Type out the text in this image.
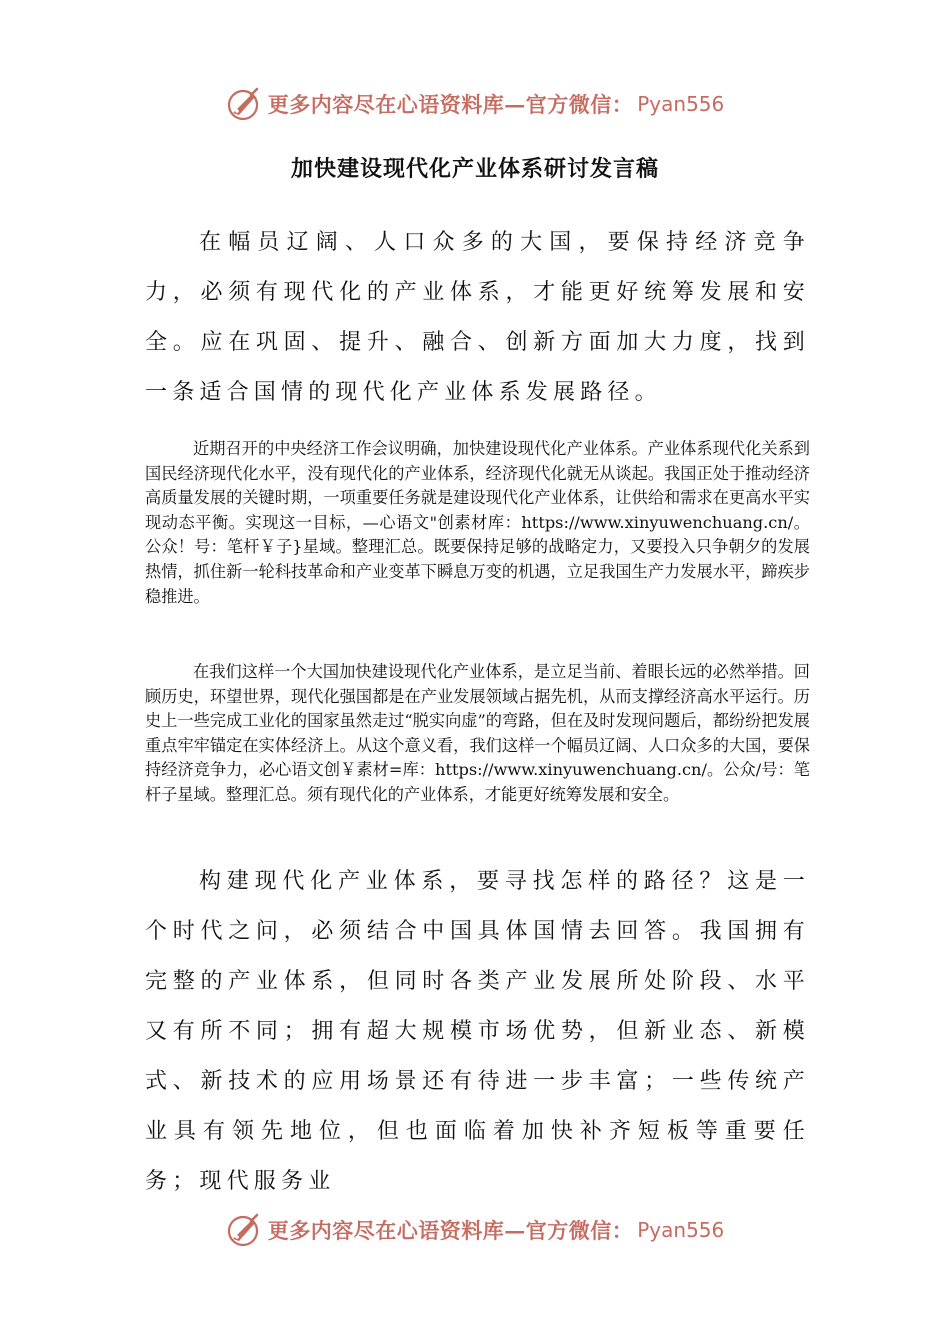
更多内容尽在心语资料库—官方微信： Pyan556
加快建设现代化产业体系研讨发言稿

在幅员辽阔、人口众多的大国，要保持经济竞争力，必须有现代化的产业体系，才能更好统筹发展和安全。应在巩固、提升、融合、创新方面加大力度，找到一条适合国情的现代化产业体系发展路径。

近期召开的中央经济工作会议明确，加快建设现代化产业体系。产业体系现代化关系到国民经济现代化水平，没有现代化的产业体系，经济现代化就无从谈起。我国正处于推动经济高质量发展的关键时期，一项重要任务就是建设现代化产业体系，让供给和需求在更高水平实现动态平衡。实现这一目标，—心语文"创素材库：https://www.xinyuwenchuang.cn/。公众！号：笔杆￥子}星域。整理汇总。既要保持足够的战略定力，又要投入只争朝夕的发展热情，抓住新一轮科技革命和产业变革下瞬息万变的机遇，立足我国生产力发展水平，蹄疾步稳推进。

在我们这样一个大国加快建设现代化产业体系，是立足当前、着眼长远的必然举措。回顾历史，环望世界，现代化强国都是在产业发展领域占据先机，从而支撑经济高水平运行。历史上一些完成工业化的国家虽然走过“脱实向虚”的弯路，但在及时发现问题后，都纷纷把发展重点牢牢锚定在实体经济上。从这个意义看，我们这样一个幅员辽阔、人口众多的大国，要保持经济竞争力，必心语文创￥素材=库：https://www.xinyuwenchuang.cn/。公众/号：笔杆子星域。整理汇总。须有现代化的产业体系，才能更好统筹发展和安全。

构建现代化产业体系，要寻找怎样的路径？这是一个时代之问，必须结合中国具体国情去回答。我国拥有完整的产业体系，但同时各类产业发展所处阶段、水平又有所不同；拥有超大规模市场优势，但新业态、新模式、新技术的应用场景还有待进一步丰富；一些传统产业具有领先地位，但也面临着加快补齐短板等重要任务；现代服务业

更多内容尽在心语资料库—官方微信： Pyan556
